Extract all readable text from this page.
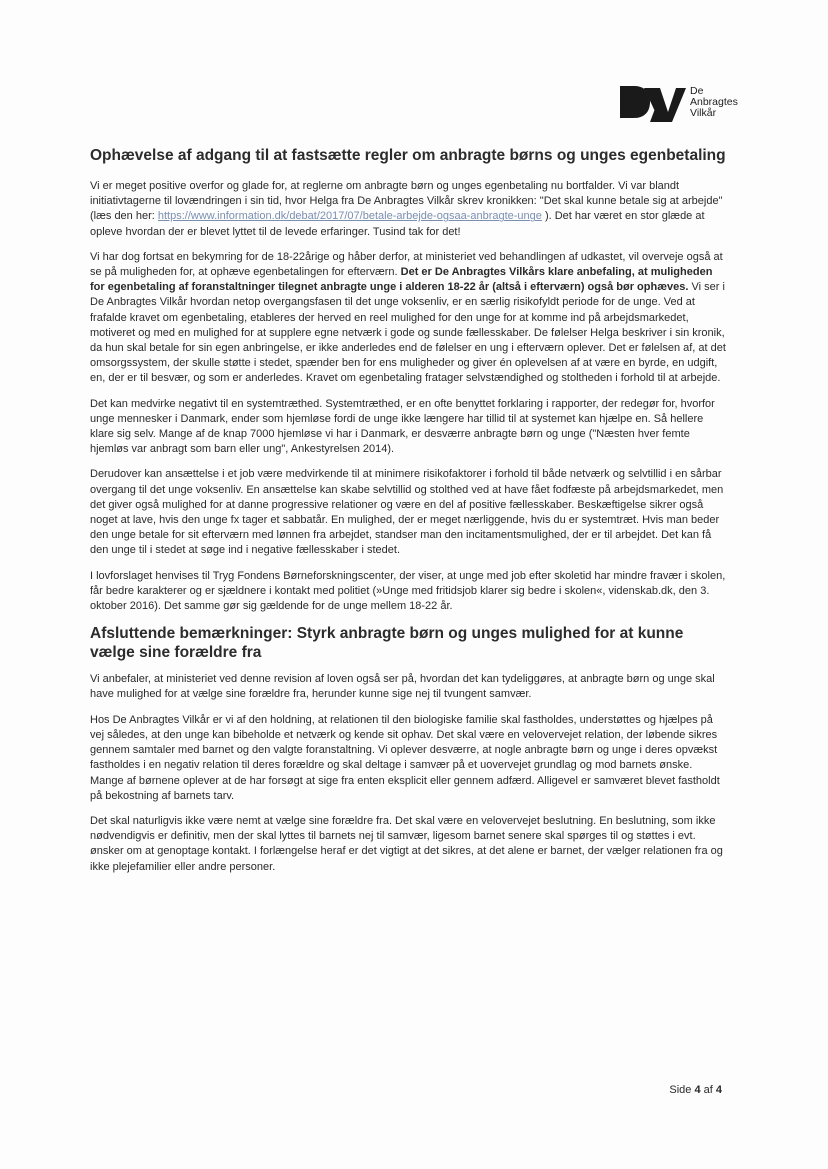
De
Anbragtes
Vilkår
Ophævelse af adgang til at fastsætte regler om anbragte børns og unges egenbetaling

Vi er meget positive overfor og glade for, at reglerne om anbragte børn og unges egenbetaling nu bortfalder. Vi var blandt initiativtagerne til lovændringen i sin tid, hvor Helga fra De Anbragtes Vilkår skrev kronikken: "Det skal kunne betale sig at arbejde" (læs den her: https://www.information.dk/debat/2017/07/betale-arbejde-ogsaa-anbragte-unge ). Det har været en stor glæde at opleve hvordan der er blevet lyttet til de levede erfaringer. Tusind tak for det!

Vi har dog fortsat en bekymring for de 18-22årige og håber derfor, at ministeriet ved behandlingen af udkastet, vil overveje også at se på muligheden for, at ophæve egenbetalingen for efterværn. Det er De Anbragtes Vilkårs klare anbefaling, at muligheden for egenbetaling af foranstaltninger tilegnet anbragte unge i alderen 18-22 år (altså i efterværn) også bør ophæves. Vi ser i De Anbragtes Vilkår hvordan netop overgangsfasen til det unge voksenliv, er en særlig risikofyldt periode for de unge. Ved at frafalde kravet om egenbetaling, etableres der herved en reel mulighed for den unge for at komme ind på arbejdsmarkedet, motiveret og med en mulighed for at supplere egne netværk i gode og sunde fællesskaber. De følelser Helga beskriver i sin kronik, da hun skal betale for sin egen anbringelse, er ikke anderledes end de følelser en ung i efterværn oplever. Det er følelsen af, at det omsorgssystem, der skulle støtte i stedet, spænder ben for ens muligheder og giver én oplevelsen af at være en byrde, en udgift, en, der er til besvær, og som er anderledes. Kravet om egenbetaling fratager selvstændighed og stoltheden i forhold til at arbejde.

Det kan medvirke negativt til en systemtræthed. Systemtræthed, er en ofte benyttet forklaring i rapporter, der redegør for, hvorfor unge mennesker i Danmark, ender som hjemløse fordi de unge ikke længere har tillid til at systemet kan hjælpe en. Så hellere klare sig selv. Mange af de knap 7000 hjemløse vi har i Danmark, er desværre anbragte børn og unge ("Næsten hver femte hjemløs var anbragt som barn eller ung", Ankestyrelsen 2014).

Derudover kan ansættelse i et job være medvirkende til at minimere risikofaktorer i forhold til både netværk og selvtillid i en sårbar overgang til det unge voksenliv. En ansættelse kan skabe selvtillid og stolthed ved at have fået fodfæste på arbejdsmarkedet, men det giver også mulighed for at danne progressive relationer og være en del af positive fællesskaber. Beskæftigelse sikrer også noget at lave, hvis den unge fx tager et sabbatår. En mulighed, der er meget nærliggende, hvis du er systemtræt. Hvis man beder den unge betale for sit efterværn med lønnen fra arbejdet, standser man den incitamentsmulighed, der er til arbejdet. Det kan få den unge til i stedet at søge ind i negative fællesskaber i stedet.

I lovforslaget henvises til Tryg Fondens Børneforskningscenter, der viser, at unge med job efter skoletid har mindre fravær i skolen, får bedre karakterer og er sjældnere i kontakt med politiet (»Unge med fritidsjob klarer sig bedre i skolen«, videnskab.dk, den 3. oktober 2016). Det samme gør sig gældende for de unge mellem 18-22 år.

Afsluttende bemærkninger: Styrk anbragte børn og unges mulighed for at kunne vælge sine forældre fra

Vi anbefaler, at ministeriet ved denne revision af loven også ser på, hvordan det kan tydeliggøres, at anbragte børn og unge skal have mulighed for at vælge sine forældre fra, herunder kunne sige nej til tvungent samvær.

Hos De Anbragtes Vilkår er vi af den holdning, at relationen til den biologiske familie skal fastholdes, understøttes og hjælpes på vej således, at den unge kan bibeholde et netværk og kende sit ophav. Det skal være en velovervejet relation, der løbende sikres gennem samtaler med barnet og den valgte foranstaltning. Vi oplever desværre, at nogle anbragte børn og unge i deres opvækst fastholdes i en negativ relation til deres forældre og skal deltage i samvær på et uovervejet grundlag og mod barnets ønske. Mange af børnene oplever at de har forsøgt at sige fra enten eksplicit eller gennem adfærd. Alligevel er samværet blevet fastholdt på bekostning af barnets tarv.

Det skal naturligvis ikke være nemt at vælge sine forældre fra. Det skal være en velovervejet beslutning. En beslutning, som ikke nødvendigvis er definitiv, men der skal lyttes til barnets nej til samvær, ligesom barnet senere skal spørges til og støttes i evt. ønsker om at genoptage kontakt. I forlængelse heraf er det vigtigt at det sikres, at det alene er barnet, der vælger relationen fra og ikke plejefamilier eller andre personer.

Side 4 af 4
